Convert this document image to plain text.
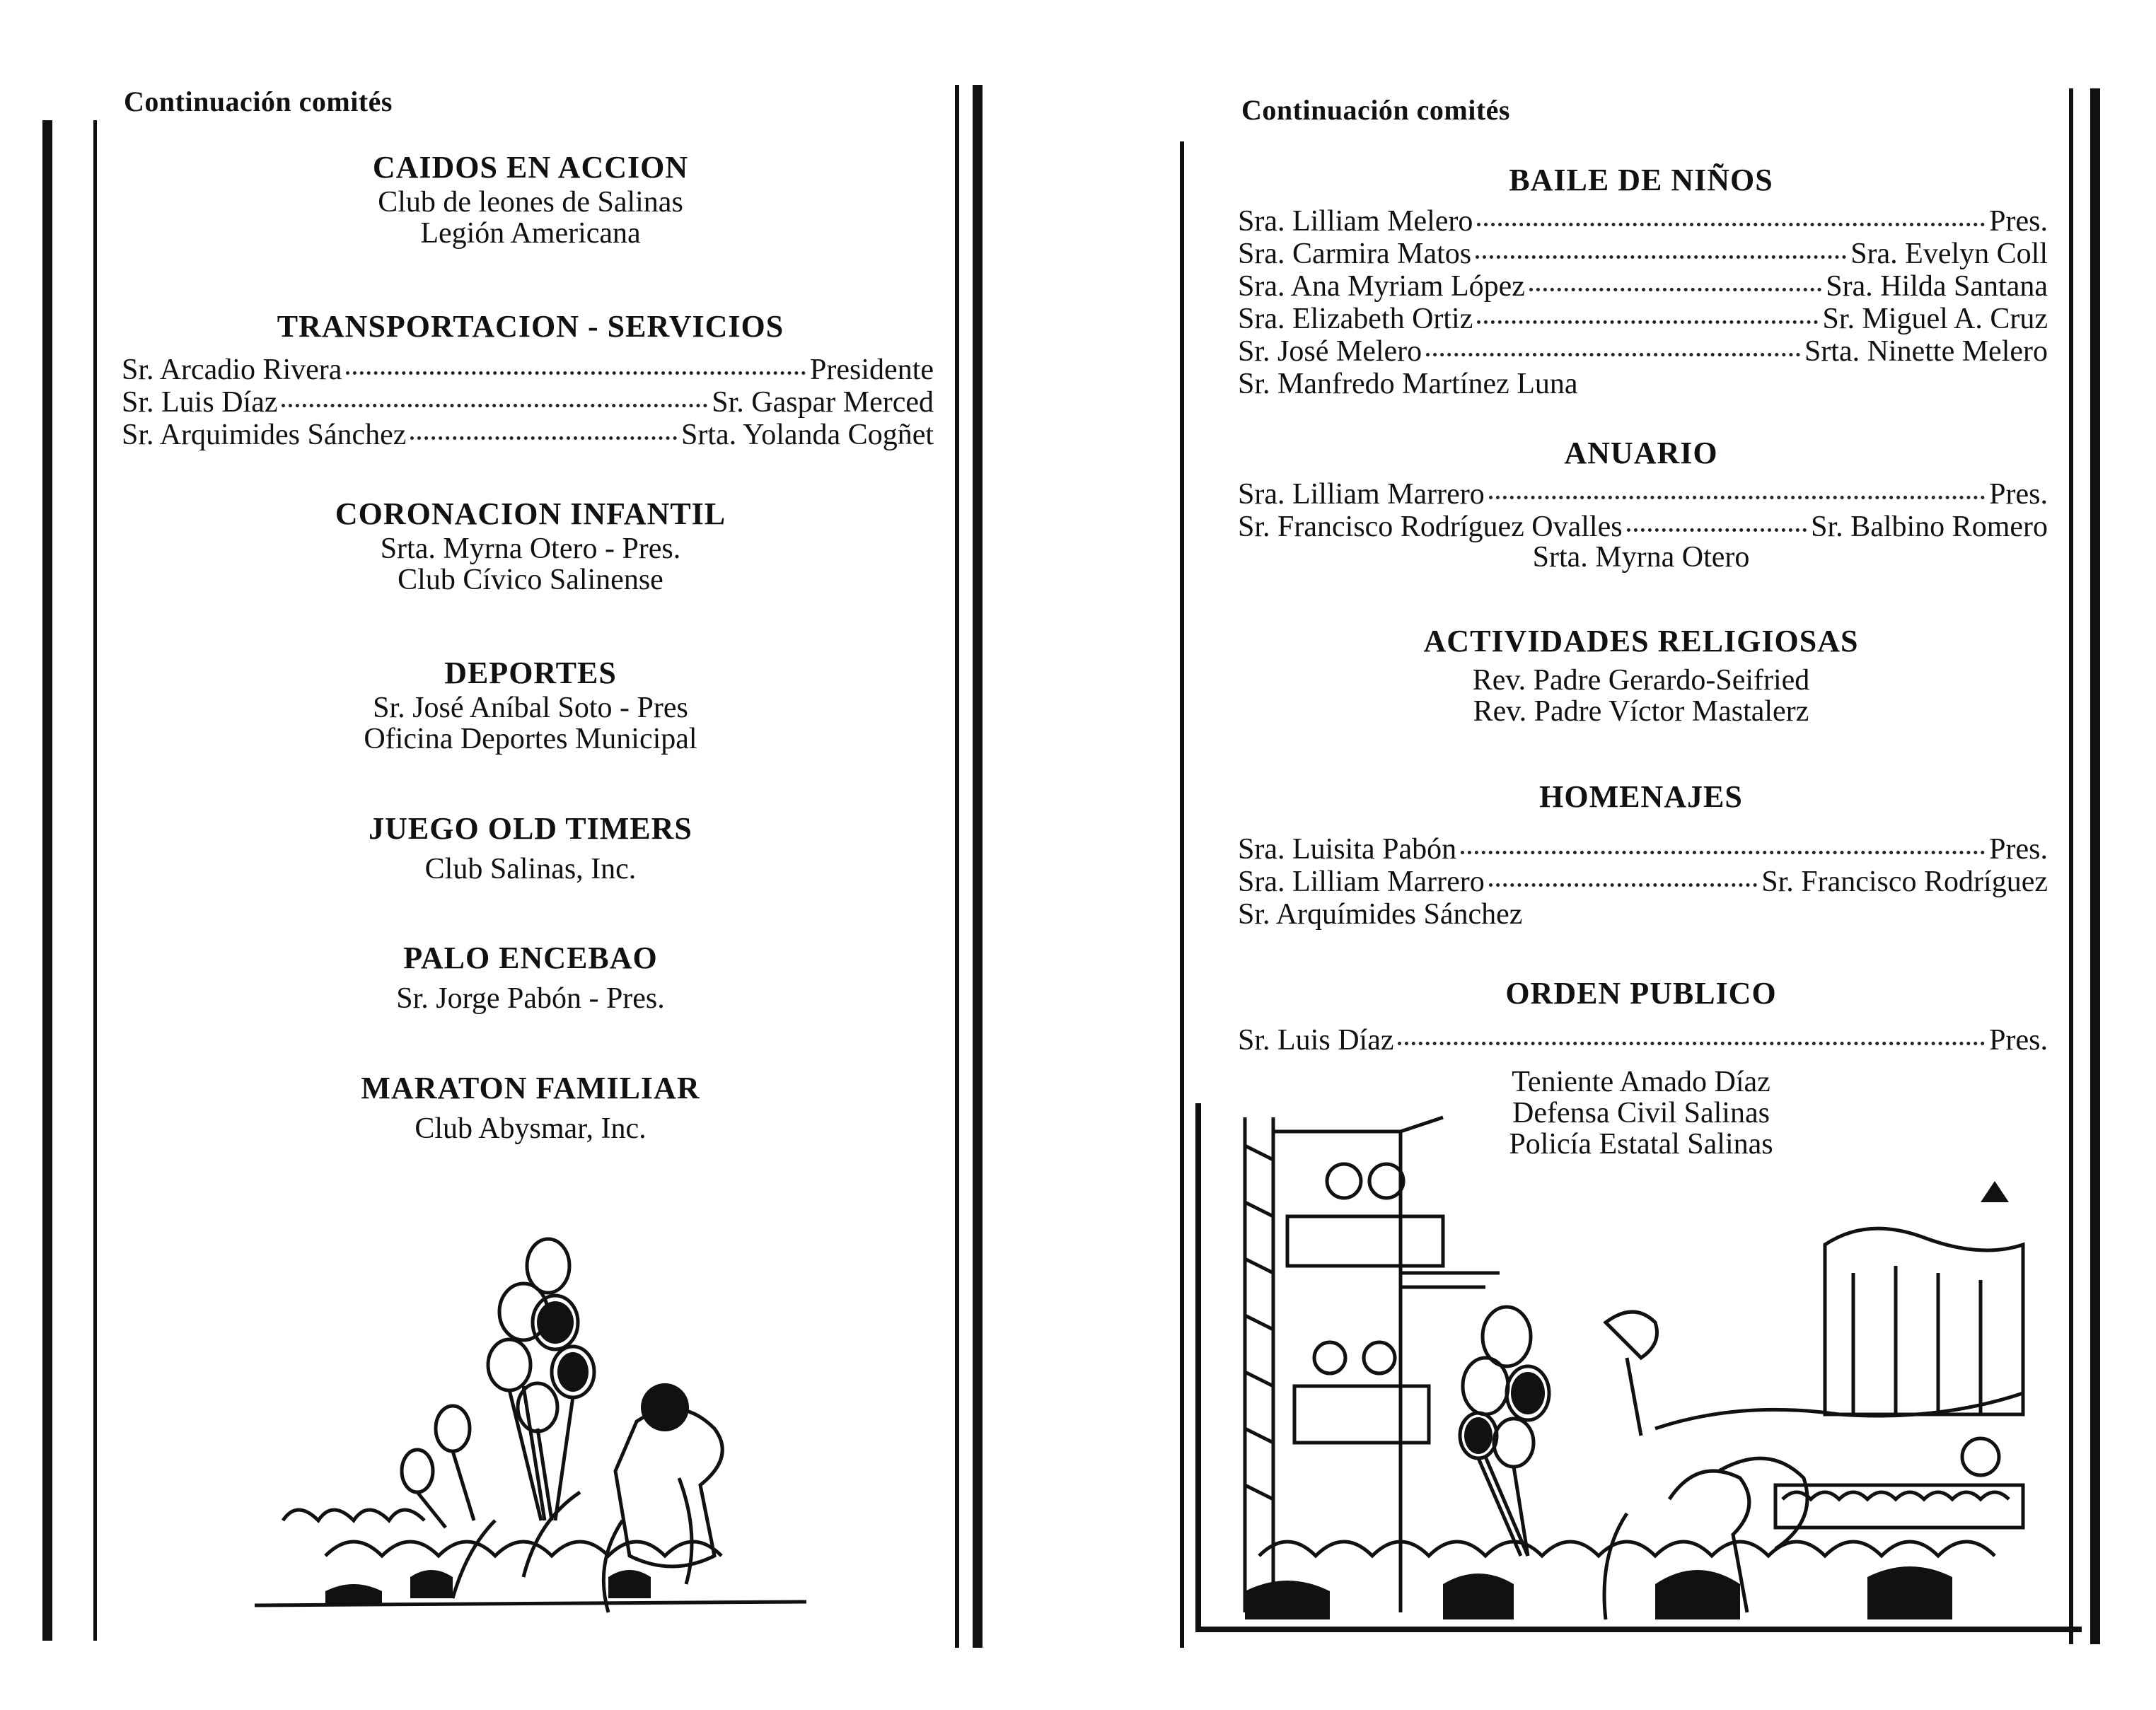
Continuación comités
CAIDOS EN ACCION
Club de leones de Salinas
Legión Americana
TRANSPORTACION - SERVICIOS
Sr. Arcadio Rivera	Presidente
Sr. Luis Díaz	Sr. Gaspar Merced
Sr. Arquimides Sánchez	Srta. Yolanda Cogñet
CORONACION INFANTIL
Srta. Myrna Otero - Pres.
Club Cívico Salinense
DEPORTES
Sr. José Aníbal Soto - Pres
Oficina Deportes Municipal
JUEGO OLD TIMERS
Club Salinas, Inc.
PALO ENCEBAO
Sr. Jorge Pabón - Pres.
MARATON FAMILIAR
Club Abysmar, Inc.
Continuación comités
BAILE DE NIÑOS
Sra. Lilliam Melero	Pres.
Sra. Carmira Matos	Sra. Evelyn Coll
Sra. Ana Myriam López	Sra. Hilda Santana
Sra. Elizabeth Ortiz	Sr. Miguel A. Cruz
Sr. José Melero	Srta. Ninette Melero
Sr. Manfredo Martínez Luna
ANUARIO
Sra. Lilliam Marrero	Pres.
Sr. Francisco Rodríguez Ovalles	Sr. Balbino Romero
Srta. Myrna Otero
ACTIVIDADES RELIGIOSAS
Rev. Padre Gerardo-Seifried
Rev. Padre Víctor Mastalerz
HOMENAJES
Sra. Luisita Pabón	Pres.
Sra. Lilliam Marrero	Sr. Francisco Rodríguez
Sr. Arquímides Sánchez
ORDEN PUBLICO
Sr. Luis Díaz	Pres.
Teniente Amado Díaz
Defensa Civil Salinas
Policía Estatal Salinas
